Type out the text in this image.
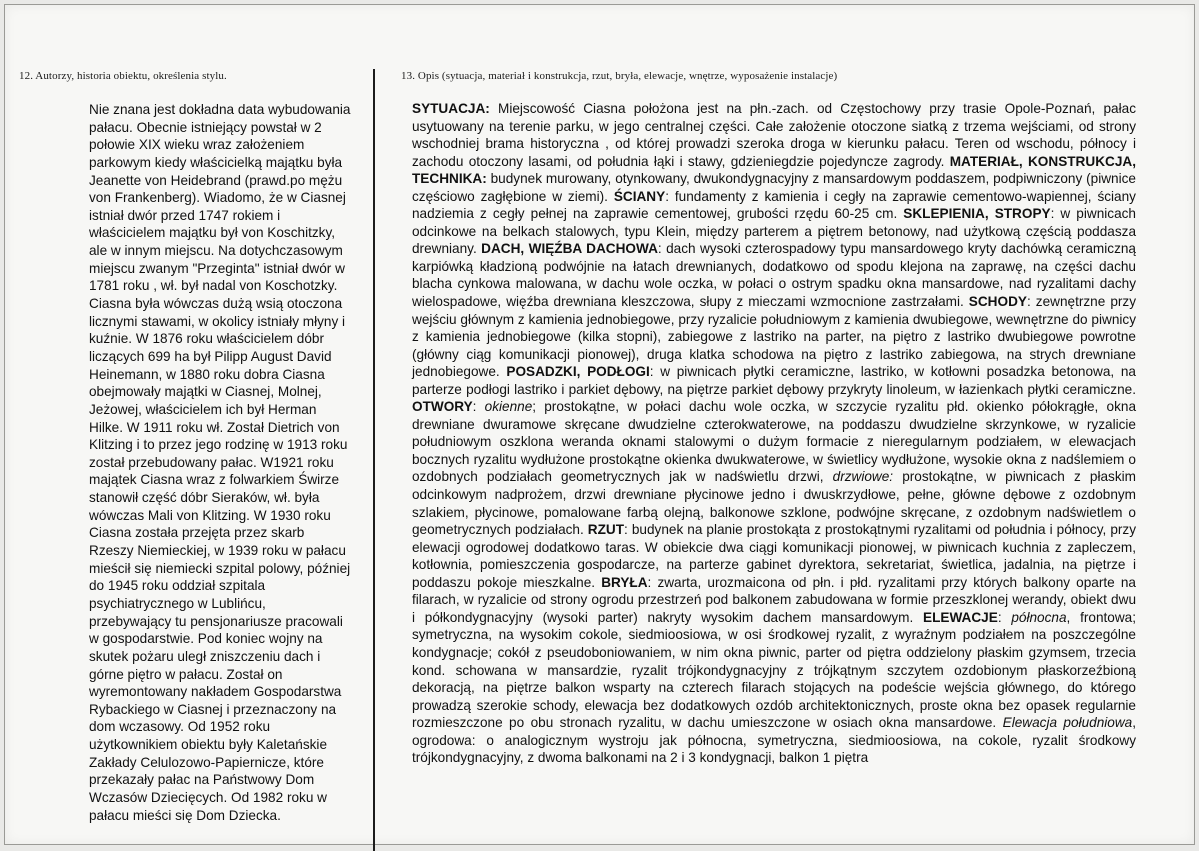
12. Autorzy, historia obiektu, określenia stylu.	13. Opis (sytuacja, materiał i konstrukcja, rzut, bryła, elewacje, wnętrze, wyposażenie instalacje)
Nie znana jest dokładna data wybudowania
pałacu. Obecnie istniejący powstał w 2
połowie XIX wieku wraz założeniem
parkowym kiedy właścicielką majątku była
Jeanette von Heidebrand (prawd.po mężu
von Frankenberg). Wiadomo, że w Ciasnej
istniał dwór przed 1747 rokiem i
właścicielem majątku był von Koschitzky,
ale w innym miejscu. Na dotychczasowym
miejscu zwanym "Przeginta" istniał dwór w
1781 roku , wł. był nadal von Koschotzky.
Ciasna była wówczas dużą wsią otoczona
licznymi stawami, w okolicy istniały młyny i
kuźnie. W 1876 roku właścicielem dóbr
liczących 699 ha był Pilipp August David
Heinemann, w 1880 roku dobra Ciasna
obejmowały majątki w Ciasnej, Molnej,
Jeżowej, właścicielem ich był Herman
Hilke. W 1911 roku wł. Został Dietrich von
Klitzing i to przez jego rodzinę w 1913 roku
został przebudowany pałac. W1921 roku
majątek Ciasna wraz z folwarkiem Świrze
stanowił część dóbr Sieraków, wł. była
wówczas Mali von Klitzing. W 1930 roku
Ciasna została przejęta przez skarb
Rzeszy Niemieckiej, w 1939 roku w pałacu
mieścił się niemiecki szpital polowy, później
do 1945 roku oddział szpitala
psychiatrycznego w Lublińcu,
przebywający tu pensjonariusze pracowali
w gospodarstwie. Pod koniec wojny na
skutek pożaru uległ zniszczeniu dach i
górne piętro w pałacu. Został on
wyremontowany nakładem Gospodarstwa
Rybackiego w Ciasnej i przeznaczony na
dom wczasowy. Od 1952 roku
użytkownikiem obiektu były Kaletańskie
Zakłady Celulozowo-Papiernicze, które
przekazały pałac na Państwowy Dom
Wczasów Dziecięcych. Od 1982 roku w
pałacu mieści się Dom Dziecka.
SYTUACJA: Miejscowość Ciasna położona jest na płn.-zach. od Częstochowy przy trasie Opole-Poznań, pałac usytuowany na terenie parku, w jego centralnej części. Całe założenie otoczone siatką z trzema wejściami, od strony wschodniej brama historyczna , od której prowadzi szeroka droga w kierunku pałacu. Teren od wschodu, północy i zachodu otoczony lasami, od południa łąki i stawy, gdzieniegdzie pojedyncze zagrody. MATERIAŁ, KONSTRUKCJA, TECHNIKA: budynek murowany, otynkowany, dwukondygnacyjny z mansardowym poddaszem, podpiwniczony (piwnice częściowo zagłębione w ziemi). ŚCIANY: fundamenty z kamienia i cegły na zaprawie cementowo-wapiennej, ściany nadziemia z cegły pełnej na zaprawie cementowej, grubości rzędu 60-25 cm. SKLEPIENIA, STROPY: w piwnicach odcinkowe na belkach stalowych, typu Klein, między parterem a piętrem betonowy, nad użytkową częścią poddasza drewniany. DACH, WIĘŹBA DACHOWA: dach wysoki czterospadowy typu mansardowego kryty dachówką ceramiczną karpiówką kładzioną podwójnie na łatach drewnianych, dodatkowo od spodu klejona na zaprawę, na części dachu blacha cynkowa malowana, w dachu wole oczka, w połaci o ostrym spadku okna mansardowe, nad ryzalitami dachy wielospadowe, więźba drewniana kleszczowa, słupy z mieczami wzmocnione zastrzałami. SCHODY: zewnętrzne przy wejściu głównym z kamienia jednobiegowe, przy ryzalicie południowym z kamienia dwubiegowe, wewnętrzne do piwnicy z kamienia jednobiegowe (kilka stopni), zabiegowe z lastriko na parter, na piętro z lastriko dwubiegowe powrotne (główny ciąg komunikacji pionowej), druga klatka schodowa na piętro z lastriko zabiegowa, na strych drewniane jednobiegowe. POSADZKI, PODŁOGI: w piwnicach płytki ceramiczne, lastriko, w kotłowni posadzka betonowa, na parterze podłogi lastriko i parkiet dębowy, na piętrze parkiet dębowy przykryty linoleum, w łazienkach płytki ceramiczne. OTWORY: okienne; prostokątne, w połaci dachu wole oczka, w szczycie ryzalitu płd. okienko półokrągłe, okna drewniane dwuramowe skręcane dwudzielne czterokwaterowe, na poddaszu dwudzielne skrzynkowe, w ryzalicie południowym oszklona weranda oknami stalowymi o dużym formacie z nieregularnym podziałem, w elewacjach bocznych ryzalitu wydłużone prostokątne okienka dwukwaterowe, w świetlicy wydłużone, wysokie okna z nadślemiem o ozdobnych podziałach geometrycznych jak w nadświetlu drzwi, drzwiowe: prostokątne, w piwnicach z płaskim odcinkowym nadprożem, drzwi drewniane płycinowe jedno i dwuskrzydłowe, pełne, główne dębowe z ozdobnym szlakiem, płycinowe, pomalowane farbą olejną, balkonowe szklone, podwójne skręcane, z ozdobnym nadświetlem o geometrycznych podziałach. RZUT: budynek na planie prostokąta z prostokątnymi ryzalitami od południa i północy, przy elewacji ogrodowej dodatkowo taras. W obiekcie dwa ciągi komunikacji pionowej, w piwnicach kuchnia z zapleczem, kotłownia, pomieszczenia gospodarcze, na parterze gabinet dyrektora, sekretariat, świetlica, jadalnia, na piętrze i poddaszu pokoje mieszkalne. BRYŁA: zwarta, urozmaicona od płn. i płd. ryzalitami przy których balkony oparte na filarach, w ryzalicie od strony ogrodu przestrzeń pod balkonem zabudowana w formie przeszklonej werandy, obiekt dwu i półkondygnacyjny (wysoki parter) nakryty wysokim dachem mansardowym. ELEWACJE: północna, frontowa; symetryczna, na wysokim cokole, siedmioosiowa, w osi środkowej ryzalit, z wyraźnym podziałem na poszczególne kondygnacje; cokół z pseudoboniowaniem, w nim okna piwnic, parter od piętra oddzielony płaskim gzymsem, trzecia kond. schowana w mansardzie, ryzalit trójkondygnacyjny z trójkątnym szczytem ozdobionym płaskorzeźbioną dekoracją, na piętrze balkon wsparty na czterech filarach stojących na podeście wejścia głównego, do którego prowadzą szerokie schody, elewacja bez dodatkowych ozdób architektonicznych, proste okna bez opasek regularnie rozmieszczone po obu stronach ryzalitu, w dachu umieszczone w osiach okna mansardowe. Elewacja południowa, ogrodowa: o analogicznym wystroju jak północna, symetryczna, siedmioosiowa, na cokole, ryzalit środkowy trójkondygnacyjny, z dwoma balkonami na 2 i 3 kondygnacji, balkon 1 piętra
